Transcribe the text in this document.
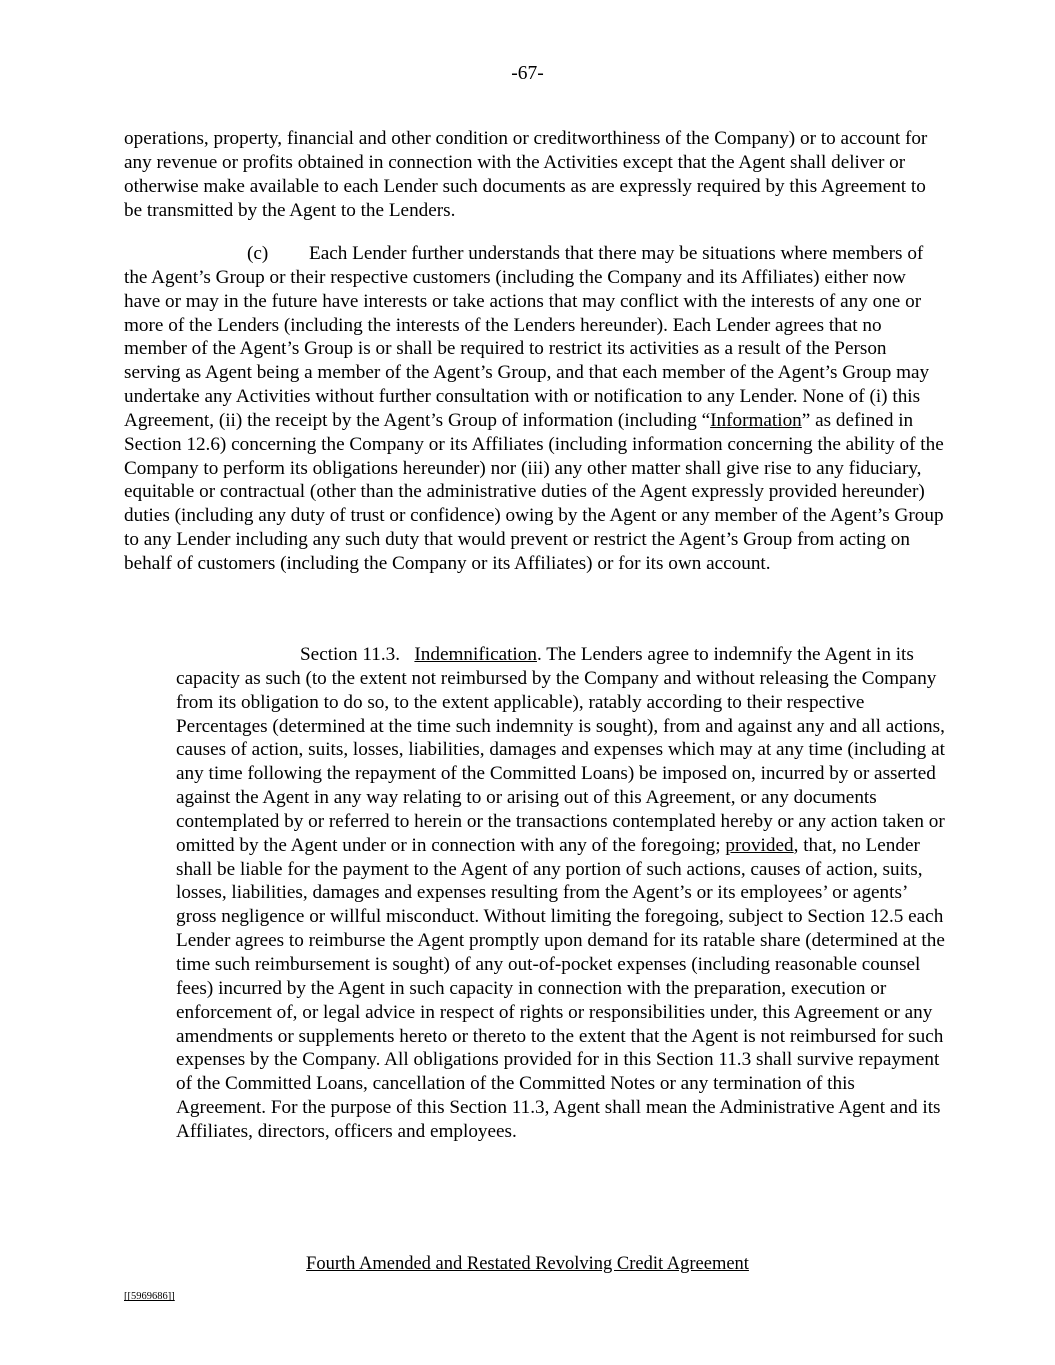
-67-

operations, property, financial and other condition or creditworthiness of the Company) or to account for any revenue or profits obtained in connection with the Activities except that the Agent shall deliver or otherwise make available to each Lender such documents as are expressly required by this Agreement to be transmitted by the Agent to the Lenders.

(c) Each Lender further understands that there may be situations where members of the Agent’s Group or their respective customers (including the Company and its Affiliates) either now have or may in the future have interests or take actions that may conflict with the interests of any one or more of the Lenders (including the interests of the Lenders hereunder). Each Lender agrees that no member of the Agent’s Group is or shall be required to restrict its activities as a result of the Person serving as Agent being a member of the Agent’s Group, and that each member of the Agent’s Group may undertake any Activities without further consultation with or notification to any Lender. None of (i) this Agreement, (ii) the receipt by the Agent’s Group of information (including “Information” as defined in Section 12.6) concerning the Company or its Affiliates (including information concerning the ability of the Company to perform its obligations hereunder) nor (iii) any other matter shall give rise to any fiduciary, equitable or contractual (other than the administrative duties of the Agent expressly provided hereunder) duties (including any duty of trust or confidence) owing by the Agent or any member of the Agent’s Group to any Lender including any such duty that would prevent or restrict the Agent’s Group from acting on behalf of customers (including the Company or its Affiliates) or for its own account.

Section 11.3. Indemnification. The Lenders agree to indemnify the Agent in its capacity as such (to the extent not reimbursed by the Company and without releasing the Company from its obligation to do so, to the extent applicable), ratably according to their respective Percentages (determined at the time such indemnity is sought), from and against any and all actions, causes of action, suits, losses, liabilities, damages and expenses which may at any time (including at any time following the repayment of the Committed Loans) be imposed on, incurred by or asserted against the Agent in any way relating to or arising out of this Agreement, or any documents contemplated by or referred to herein or the transactions contemplated hereby or any action taken or omitted by the Agent under or in connection with any of the foregoing; provided, that, no Lender shall be liable for the payment to the Agent of any portion of such actions, causes of action, suits, losses, liabilities, damages and expenses resulting from the Agent’s or its employees’ or agents’ gross negligence or willful misconduct. Without limiting the foregoing, subject to Section 12.5 each Lender agrees to reimburse the Agent promptly upon demand for its ratable share (determined at the time such reimbursement is sought) of any out-of-pocket expenses (including reasonable counsel fees) incurred by the Agent in such capacity in connection with the preparation, execution or enforcement of, or legal advice in respect of rights or responsibilities under, this Agreement or any amendments or supplements hereto or thereto to the extent that the Agent is not reimbursed for such expenses by the Company. All obligations provided for in this Section 11.3 shall survive repayment of the Committed Loans, cancellation of the Committed Notes or any termination of this Agreement. For the purpose of this Section 11.3, Agent shall mean the Administrative Agent and its Affiliates, directors, officers and employees.

Fourth Amended and Restated Revolving Credit Agreement
[[5969686]]
